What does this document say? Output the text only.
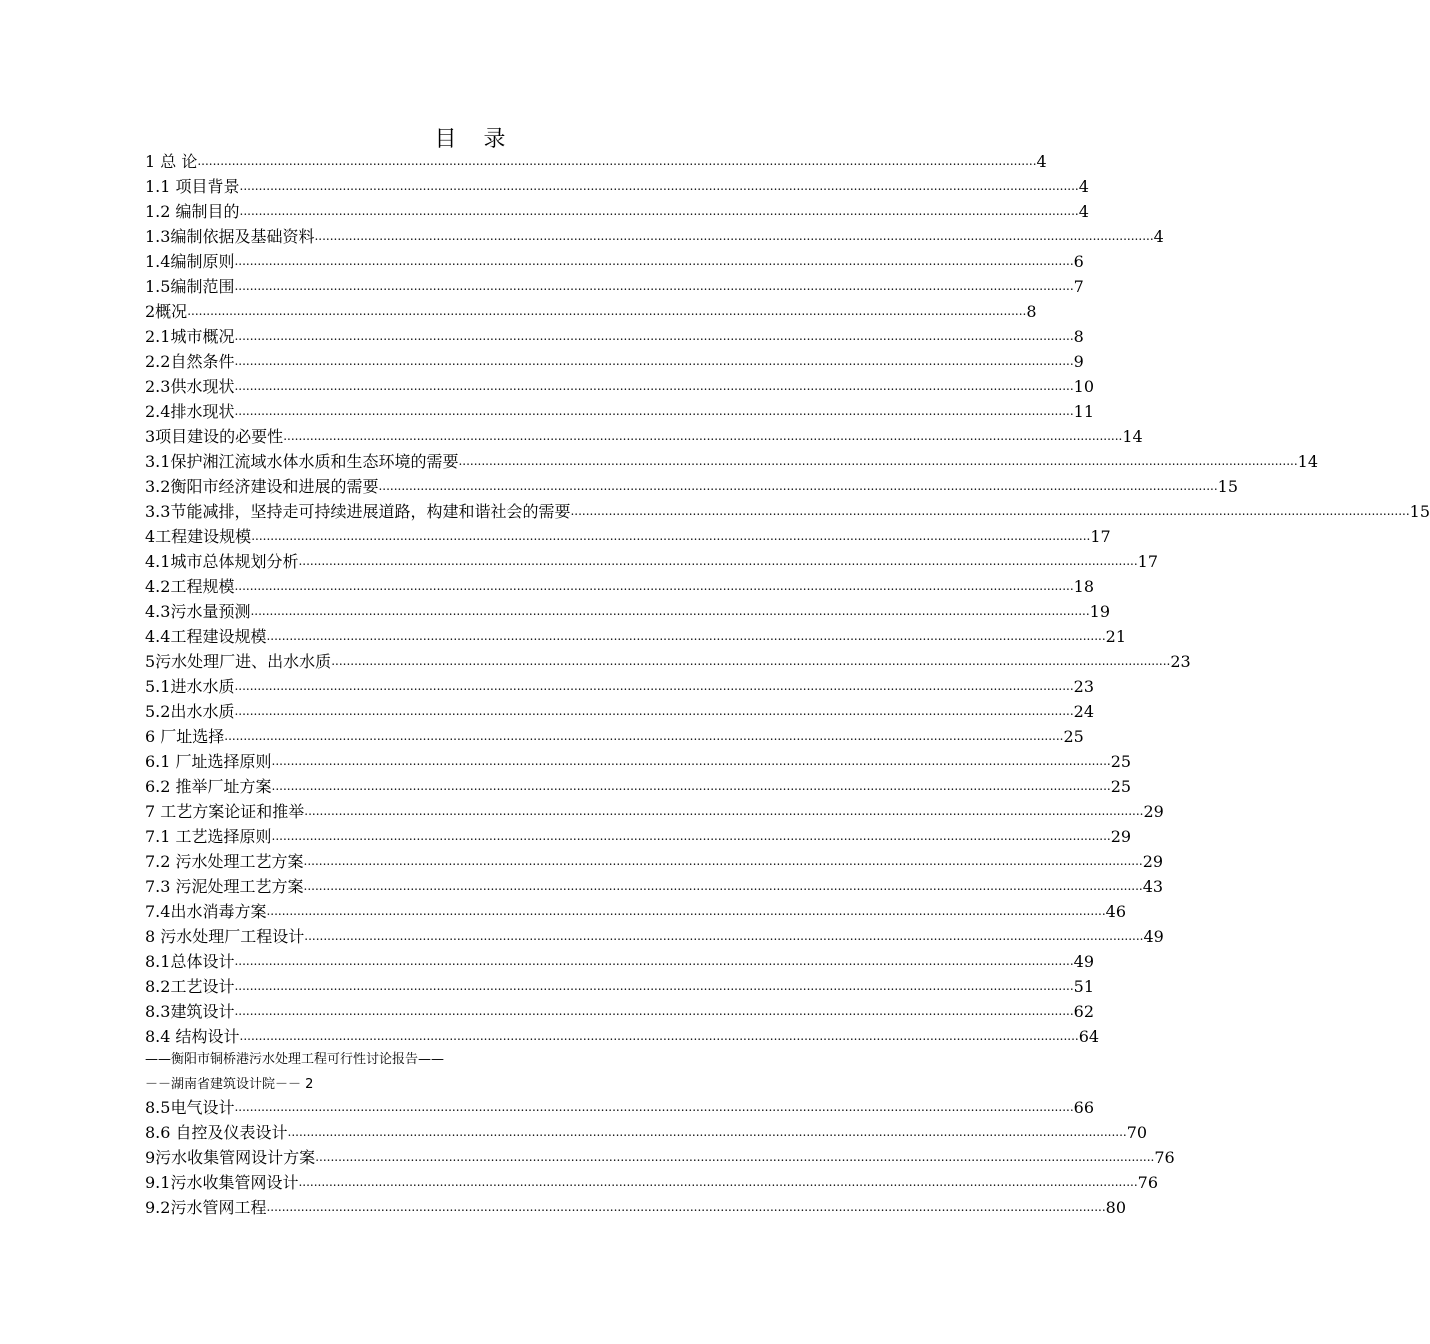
目 录
1 总 论 ............................................................................................................................................................................................................................ 4
1.1 项目背景 ............................................................................................................................................................................................................................ 4
1.2 编制目的 ............................................................................................................................................................................................................................ 4
1.3编制依据及基础资料 ............................................................................................................................................................................................................................ 4
1.4编制原则 ............................................................................................................................................................................................................................ 6
1.5编制范围 ............................................................................................................................................................................................................................ 7
2概况 ............................................................................................................................................................................................................................ 8
2.1城市概况 ............................................................................................................................................................................................................................ 8
2.2自然条件 ............................................................................................................................................................................................................................ 9
2.3供水现状 ............................................................................................................................................................................................................................ 10
2.4排水现状 ............................................................................................................................................................................................................................ 11
3项目建设的必要性 ............................................................................................................................................................................................................................ 14
3.1保护湘江流域水体水质和生态环境的需要 ............................................................................................................................................................................................................................ 14
3.2衡阳市经济建设和进展的需要 ............................................................................................................................................................................................................................ 15
3.3节能减排，坚持走可持续进展道路，构建和谐社会的需要 ............................................................................................................................................................................................................................ 15
4工程建设规模 ............................................................................................................................................................................................................................ 17
4.1城市总体规划分析 ............................................................................................................................................................................................................................ 17
4.2工程规模 ............................................................................................................................................................................................................................ 18
4.3污水量预测 ............................................................................................................................................................................................................................ 19
4.4工程建设规模 ............................................................................................................................................................................................................................ 21
5污水处理厂进、出水水质 ............................................................................................................................................................................................................................ 23
5.1进水水质 ............................................................................................................................................................................................................................ 23
5.2出水水质 ............................................................................................................................................................................................................................ 24
6 厂址选择 ............................................................................................................................................................................................................................ 25
6.1 厂址选择原则 ............................................................................................................................................................................................................................ 25
6.2 推举厂址方案 ............................................................................................................................................................................................................................ 25
7 工艺方案论证和推举 ............................................................................................................................................................................................................................ 29
7.1 工艺选择原则 ............................................................................................................................................................................................................................ 29
7.2 污水处理工艺方案 ............................................................................................................................................................................................................................ 29
7.3 污泥处理工艺方案 ............................................................................................................................................................................................................................ 43
7.4出水消毒方案 ............................................................................................................................................................................................................................ 46
8 污水处理厂工程设计 ............................................................................................................................................................................................................................ 49
8.1总体设计 ............................................................................................................................................................................................................................ 49
8.2工艺设计 ............................................................................................................................................................................................................................ 51
8.3建筑设计 ............................................................................................................................................................................................................................ 62
8.4 结构设计 ............................................................................................................................................................................................................................ 64
8.5电气设计 ............................................................................................................................................................................................................................ 66
8.6 自控及仪表设计 ............................................................................................................................................................................................................................ 70
9污水收集管网设计方案 ............................................................................................................................................................................................................................ 76
9.1污水收集管网设计 ............................................................................................................................................................................................................................ 76
9.2污水管网工程 ............................................................................................................................................................................................................................ 80
——衡阳市铜桥港污水处理工程可行性讨论报告——
－－湖南省建筑设计院－－ 2
